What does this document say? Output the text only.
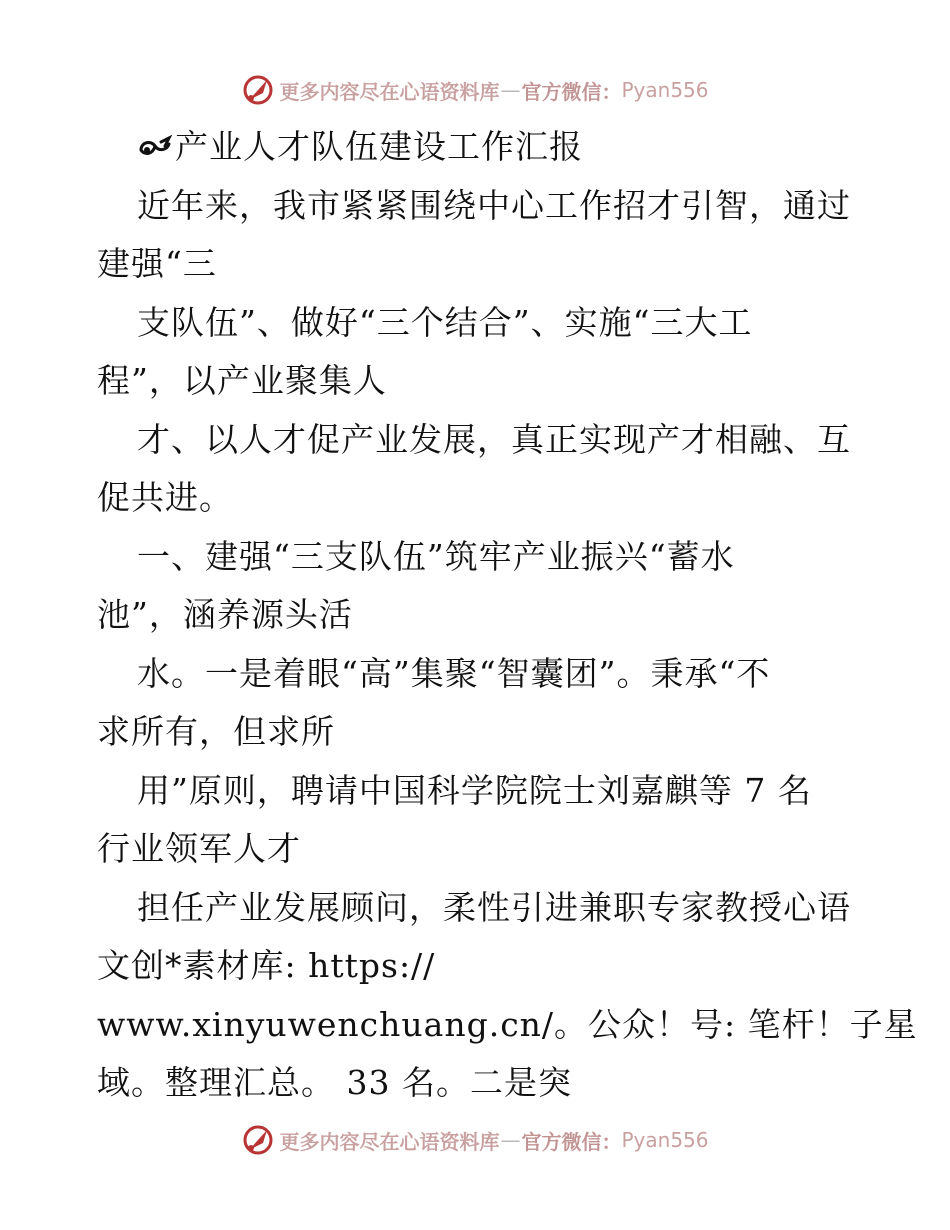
更多内容尽在心语资料库 — 官方微信： Pyan556
产业人才队伍建设工作汇报
近年来，我市紧紧围绕中心工作招才引智，通过
建强“三
支队伍”、做好“三个结合”、实施“三大工
程”，以产业聚集人
才、以人才促产业发展，真正实现产才相融、互
促共进。
一、建强“三支队伍”筑牢产业振兴“蓄水
池”，涵养源头活
水。一是着眼“高”集聚“智囊团”。秉承“不
求所有，但求所
用”原则，聘请中国科学院院士刘嘉麒等 7 名
行业领军人才
担任产业发展顾问，柔性引进兼职专家教授心语
文创*素材库: https://
www.xinyuwenchuang.cn/。公众！号: 笔杆！子星
域。整理汇总。 33 名。二是突
更多内容尽在心语资料库 — 官方微信： Pyan556
